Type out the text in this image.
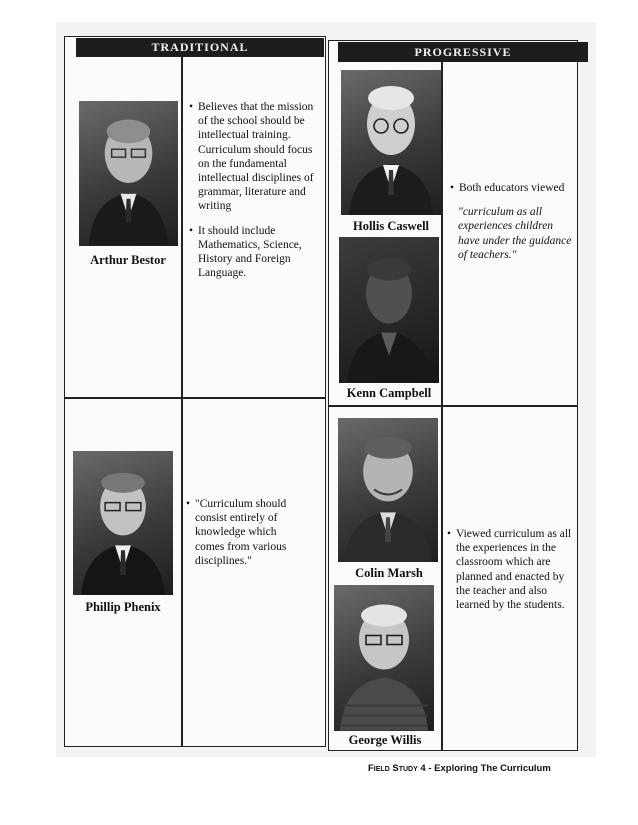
TRADITIONAL
Arthur Bestor
• Believes that the mission of the school should be intellectual training. Curriculum should focus on the fundamental intellectual disciplines of grammar, literature and writing
• It should include Mathematics, Science, History and Foreign Language.
Phillip Phenix
• "Curriculum should consist entirely of knowledge which comes from various disciplines."
PROGRESSIVE
Hollis Caswell
Kenn Campbell
• Both educators viewed
"curriculum as all experiences children have under the guidance of teachers."
Colin Marsh
George Willis
• Viewed curriculum as all the experiences in the classroom which are planned and enacted by the teacher and also learned by the students.
Field Study 4 - Exploring The Curriculum
